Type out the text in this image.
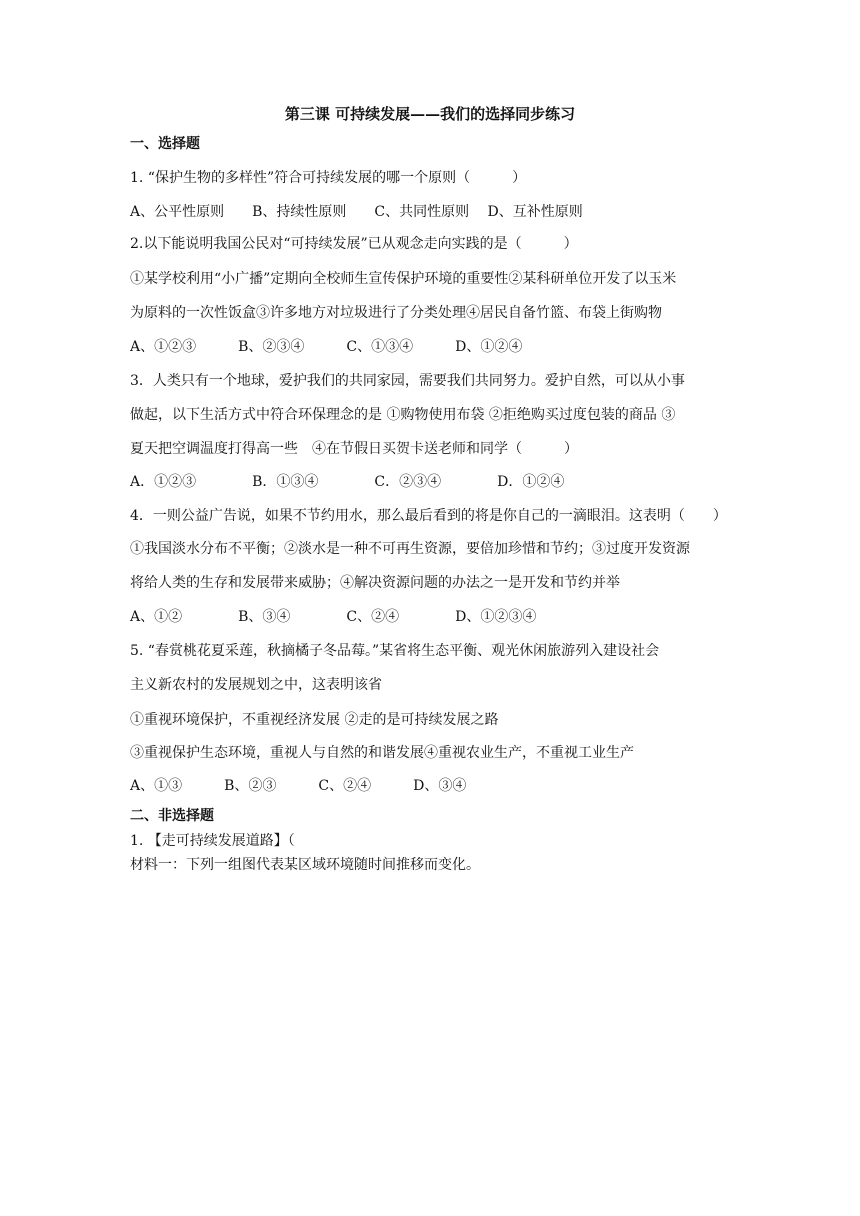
第三课 可持续发展——我们的选择同步练习
一、选择题
1. “保护生物的多样性”符合可持续发展的哪一个原则（　　　）
A、公平性原则　　B、持续性原则　　C、共同性原则　 D、互补性原则
2.以下能说明我国公民对“可持续发展”已从观念走向实践的是（　　　）
①某学校利用“小广播”定期向全校师生宣传保护环境的重要性②某科研单位开发了以玉米
为原料的一次性饭盒③许多地方对垃圾进行了分类处理④居民自备竹篮、布袋上街购物
A、①②③　　　B、②③④　　　C、①③④　　　D、①②④
3．人类只有一个地球，爱护我们的共同家园，需要我们共同努力。爱护自然，可以从小事
做起，以下生活方式中符合环保理念的是 ①购物使用布袋 ②拒绝购买过度包装的商品 ③
夏天把空调温度打得高一些　④在节假日买贺卡送老师和同学（　　　）
A．①②③　　　　B．①③④　　　　C．②③④　　　　D．①②④
4．一则公益广告说，如果不节约用水，那么最后看到的将是你自己的一滴眼泪。这表明（　　）
①我国淡水分布不平衡；②淡水是一种不可再生资源，要倍加珍惜和节约；③过度开发资源
将给人类的生存和发展带来威胁；④解决资源问题的办法之一是开发和节约并举
A、①②　　　　B、③④　　　　C、②④　　　　D、①②③④
5. “春赏桃花夏采莲，秋摘橘子冬品莓。”某省将生态平衡、观光休闲旅游列入建设社会
主义新农村的发展规划之中，这表明该省
①重视环境保护，不重视经济发展 ②走的是可持续发展之路
③重视保护生态环境，重视人与自然的和谐发展④重视农业生产，不重视工业生产
A、①③　　　B、②③　　　C、②④　　　D、③④
二、非选择题
1. 【走可持续发展道路】（
材料一：下列一组图代表某区域环境随时间推移而变化。
